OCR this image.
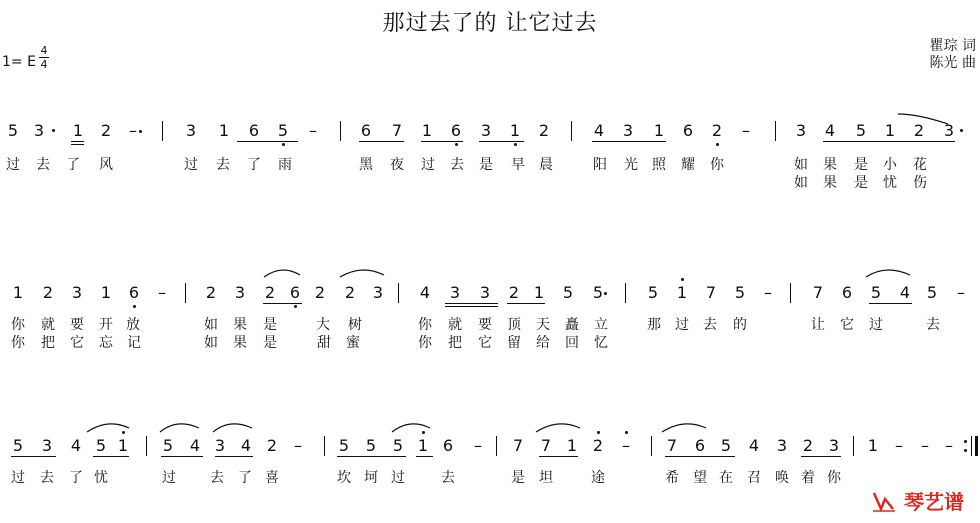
那过去了的 让它过去
1= E
4
4
瞿琮 词
陈光 曲
5 3 1 2 –	3 1 6 5 –	6 7 1 6 3 1 2	4 3 1 6 2 –	3 4 5 1 2 3
过 去 了 风	过 去 了 雨	黑 夜 过 去 是 早 晨	阳 光 照 耀 你	如 果 是 小 花
如 果 是 忧 伤
1 2 3 1 6 – 2 3 2 6 2 2 3 4 3 3 2 1 5 5	5 1 7 5 –	7 6 5 4 5 –
你 就 要 开 放	如 果 是	大 树	你 就 要 顶 天 矗 立	那 过 去 的	让 它 过	去
你 把 它 忘 记	如 果 是	甜 蜜	你 把 它 留 给 回 忆
5 3 4 5 1 5 4 3 4 2 – 5 5 5 1 6 – 7 7 1 2 – 7 6 5 4 3 2 3 1 – – –
过 去 了 忧	过 去 了 喜	坎 坷 过	去	是 坦	途	希 望 在 召 唤 着 你
琴艺谱
